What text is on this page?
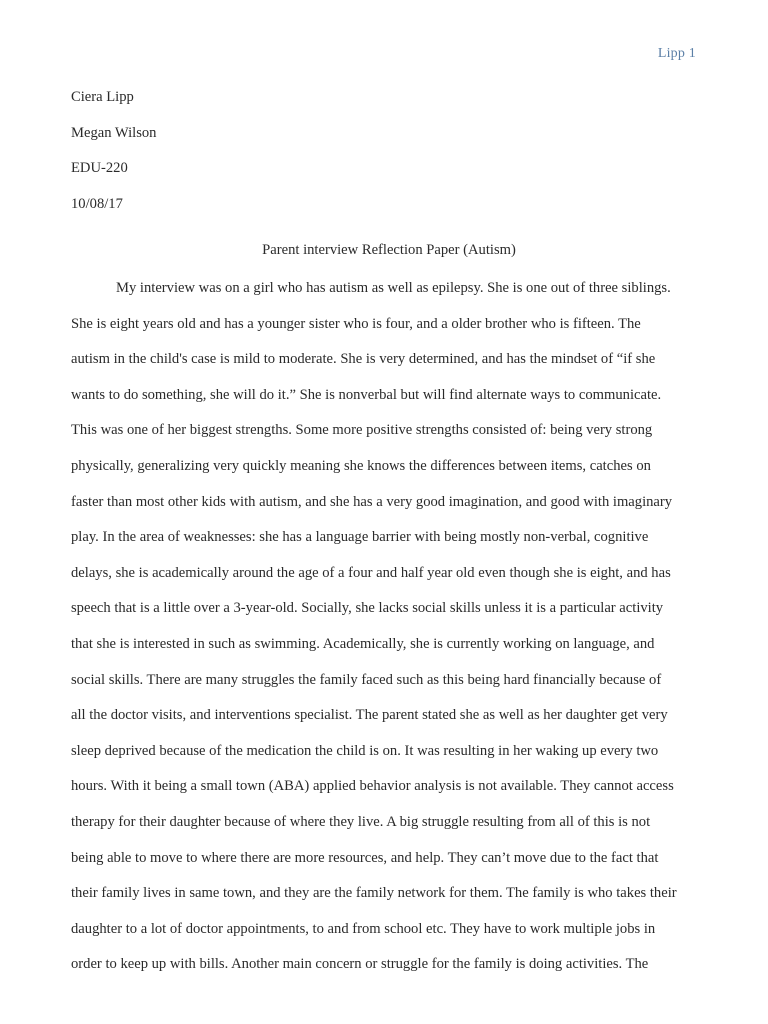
Lipp 1
Ciera Lipp
Megan Wilson
EDU-220
10/08/17
Parent interview Reflection Paper (Autism)
My interview was on a girl who has autism as well as epilepsy. She is one out of three siblings.
She is eight years old and has a younger sister who is four, and a older brother who is fifteen. The
autism in the child's case is mild to moderate. She is very determined, and has the mindset of “if she
wants to do something, she will do it.” She is nonverbal but will find alternate ways to communicate.
This was one of her biggest strengths. Some more positive strengths consisted of: being very strong
physically, generalizing very quickly meaning she knows the differences between items, catches on
faster than most other kids with autism, and she has a very good imagination, and good with imaginary
play. In the area of weaknesses: she has a language barrier with being mostly non-verbal, cognitive
delays, she is academically around the age of a four and half year old even though she is eight, and has
speech that is a little over a 3-year-old. Socially, she lacks social skills unless it is a particular activity
that she is interested in such as swimming. Academically, she is currently working on language, and
social skills. There are many struggles the family faced such as this being hard financially because of
all the doctor visits, and interventions specialist. The parent stated she as well as her daughter get very
sleep deprived because of the medication the child is on. It was resulting in her waking up every two
hours. With it being a small town (ABA) applied behavior analysis is not available. They cannot access
therapy for their daughter because of where they live. A big struggle resulting from all of this is not
being able to move to where there are more resources, and help. They can’t move due to the fact that
their family lives in same town, and they are the family network for them. The family is who takes their
daughter to a lot of doctor appointments, to and from school etc. They have to work multiple jobs in
order to keep up with bills. Another main concern or struggle for the family is doing activities. The
